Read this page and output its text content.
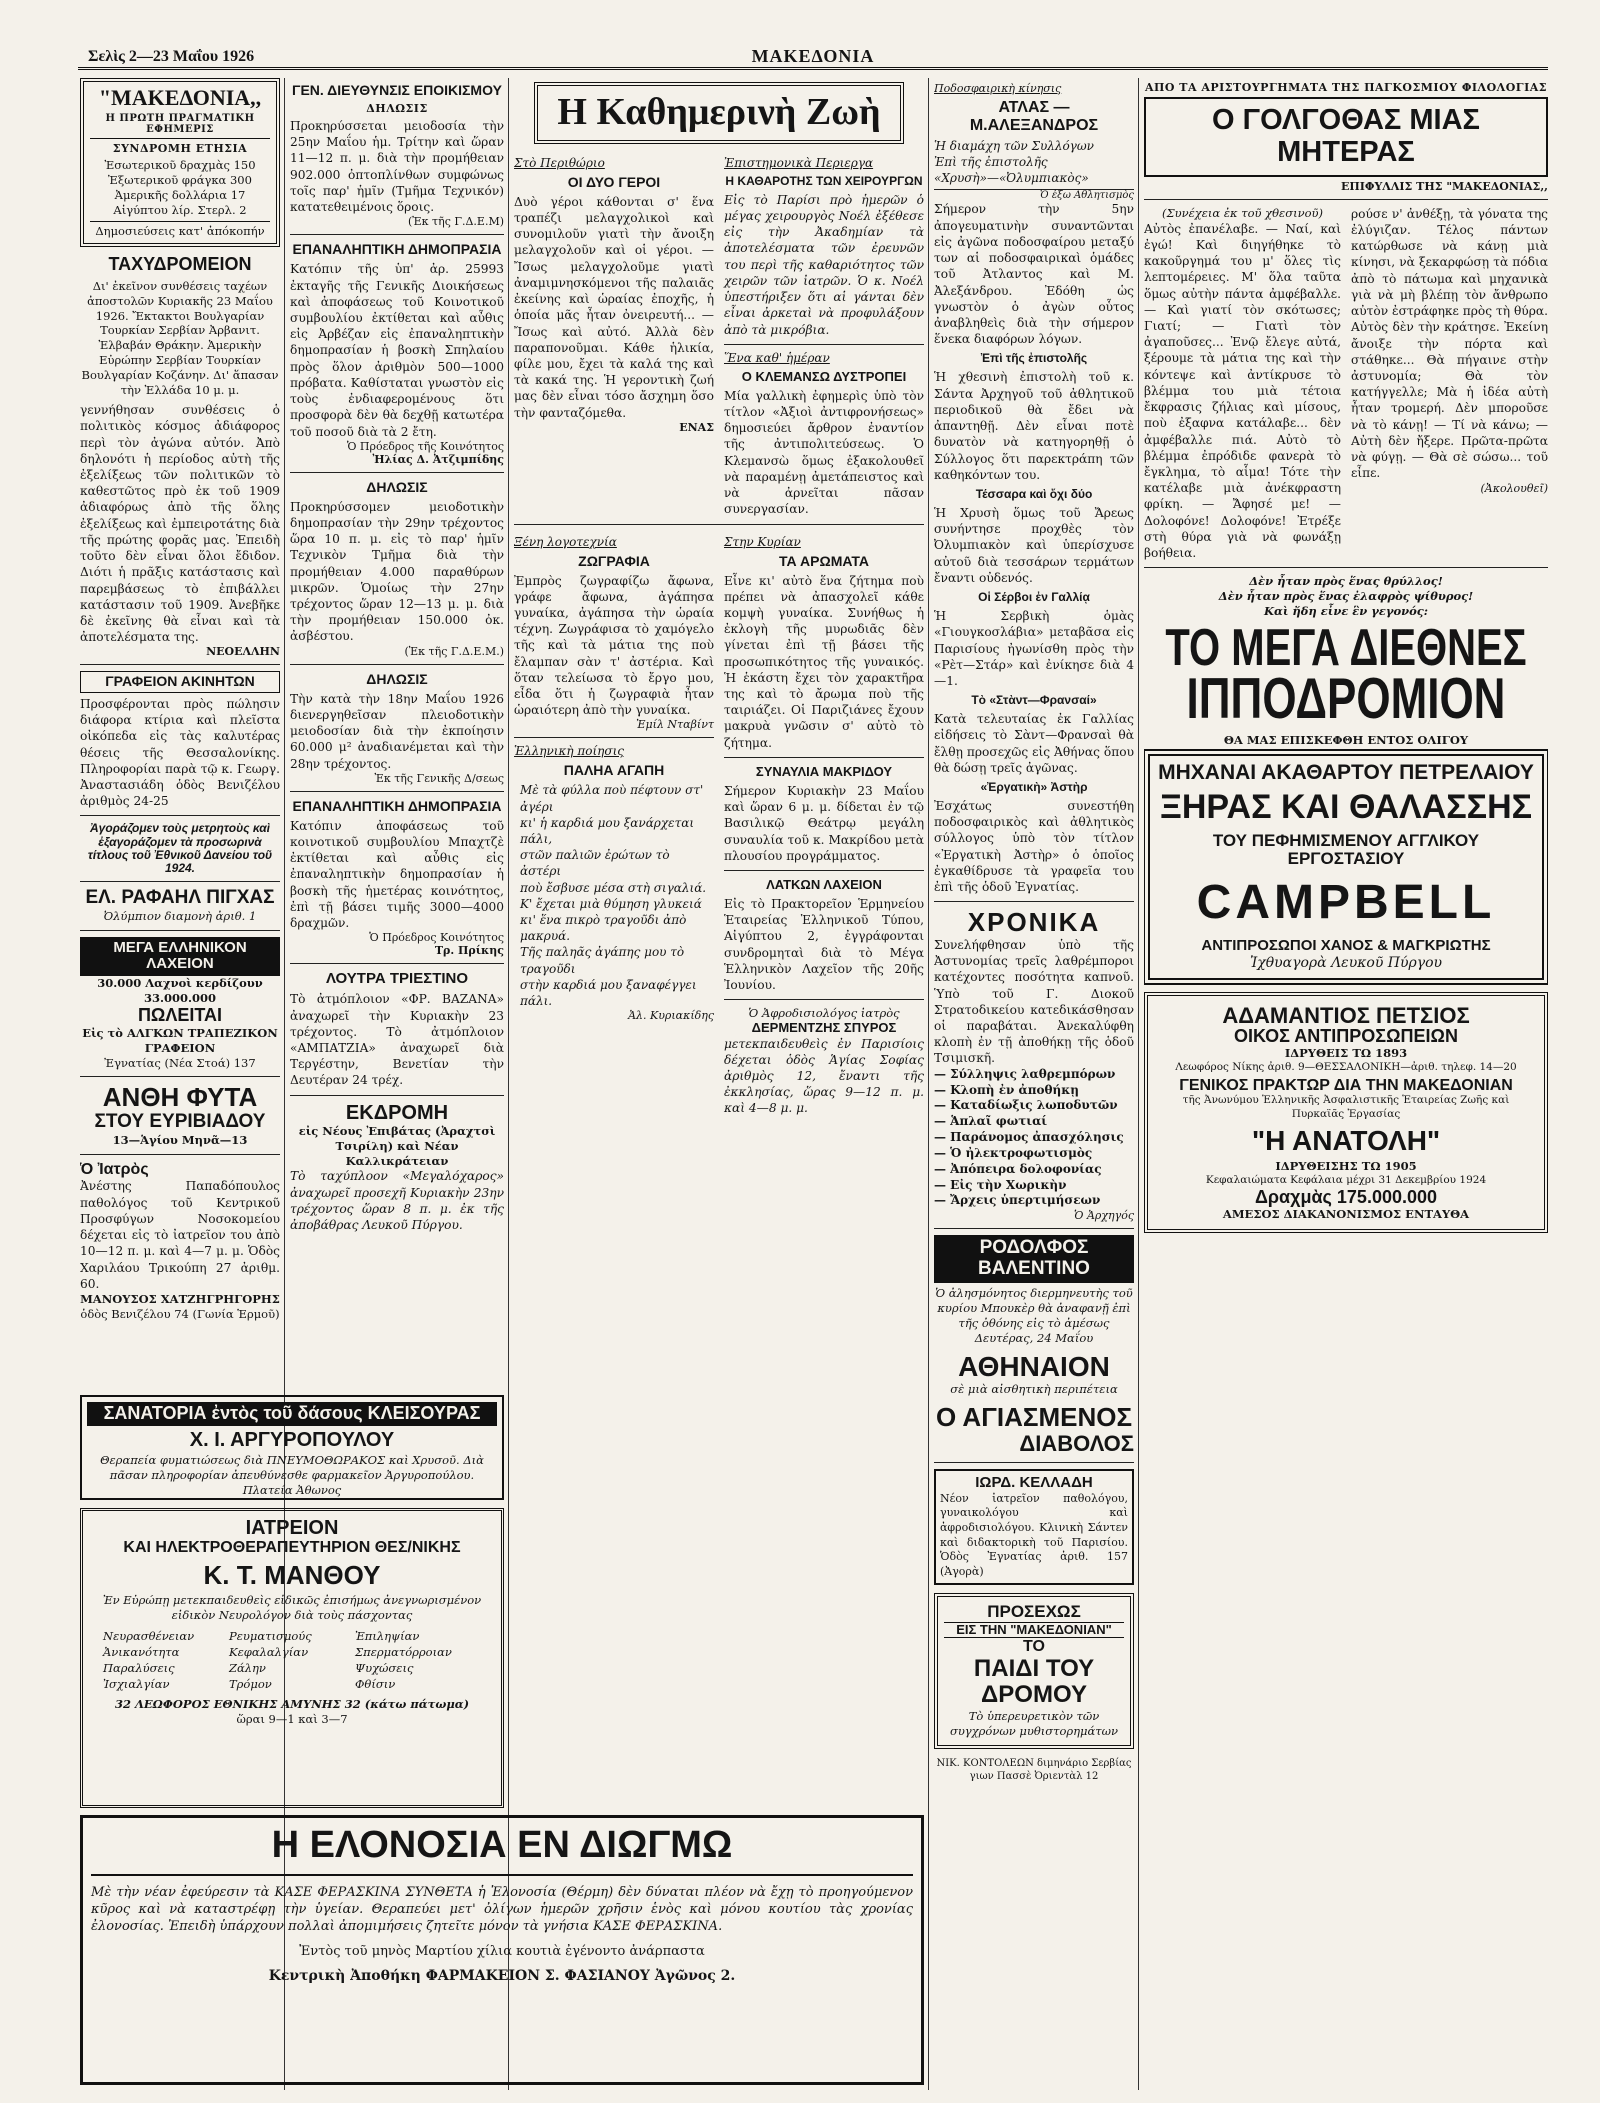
Σελὶς 2—23 Μαΐου 1926	ΜΑΚΕΔΟΝΙΑ
"ΜΑΚΕΔΟΝΙΑ,,
Η ΠΡΩΤΗ ΠΡΑΓΜΑΤΙΚΗ ΕΦΗΜΕΡΙΣ
ΣΥΝΔΡΟΜΗ ΕΤΗΣΙΑ
Ἐσωτερικοῦ δραχμὰς 150
Ἐξωτερικοῦ φράγκα 300
Ἀμερικῆς δολλάρια 17
Αἰγύπτου λίρ. Στερλ. 2
Δημοσιεύσεις κατ' ἀπόκοπήν
ΤΑΧΥΔΡΟΜΕΙΟΝ
Δι' ἐκεῖνον συνθέσεις ταχέων ἀποστολῶν Κυριακῆς 23 Μαΐου 1926. Ἔκτακτοι Βουλγαρίαν Τουρκίαν Σερβίαν Ἀρβανιτ. Ἐλβαβάν Θράκην. Ἀμερικὴν Εὐρώπην Σερβίαν Τουρκίαν Βουλγαρίαν Κοζάνην. Δι' ἅπασαν τὴν Ἑλλάδα 10 μ. μ.
γεννήθησαν συνθέσεις ὁ πολιτικὸς κόσμος ἀδιάφορος περὶ τὸν ἀγώνα αὐτόν. Ἀπὸ δηλονότι ἡ περίοδος αὐτὴ τῆς ἐξελίξεως τῶν πολιτικῶν τὸ καθεστῶτος πρὸ ἐκ τοῦ 1909 ἀδιαφόρως ἀπὸ τῆς ὅλης ἐξελίξεως καὶ ἐμπειροτάτης διὰ τῆς πρώτης φορᾶς μας. Ἐπειδὴ τοῦτο δὲν εἶναι ὅλοι ἔδιδον. Διότι ἡ πρᾶξις κατάστασις καὶ παρεμβάσεως τὸ ἐπιβάλλει κατάστασιν τοῦ 1909. Ἀνεβῆκε δὲ ἐκεῖνης θὰ εἶναι καὶ τὰ ἀποτελέσματα της.
ΝΕΟΕΛΛΗΝ
ΓΡΑΦΕΙΟΝ ΑΚΙΝΗΤΩΝ
Προσφέρονται πρὸς πώλησιν διάφορα κτίρια καὶ πλεῖστα οἰκόπεδα εἰς τὰς καλυτέρας θέσεις τῆς Θεσσαλονίκης. Πληροφορίαι παρὰ τῷ κ. Γεωργ. Ἀναστασιάδη ὁδὸς Βενιζέλου ἀριθμὸς 24-25
Ἀγοράζομεν τοὺς μετρητοὺς καὶ ἐξαγοράζομεν τὰ προσωρινὰ τίτλους τοῦ Ἐθνικοῦ Δανείου τοῦ 1924.
ΕΛ. ΡΑΦΑΗΛ ΠΙΓΧΑΣ
Ὀλύμπιον διαμονὴ ἀριθ. 1
ΜΕΓΑ ΕΛΛΗΝΙΚΟΝ ΛΑΧΕΙΟΝ
30.000 Λαχνοὶ κερδίζουν 33.000.000
ΠΩΛΕΙΤΑΙ
Εἰς τὸ ΑΛΓΚΩΝ ΤΡΑΠΕΖΙΚΟΝ ΓΡΑΦΕΙΟΝ
Ἐγνατίας (Νέα Στοά) 137
ΑΝΘΗ ΦΥΤΑ
ΣΤΟΥ ΕΥΡΙΒΙΑΔΟΥ
13—Ἁγίου Μηνᾶ—13
Ὁ Ἰατρὸς
Ἀνέστης Παπαδόπουλος παθολόγος τοῦ Κεντρικοῦ Προσφύγων Νοσοκομείου δέχεται εἰς τὸ ἰατρεῖον του ἀπὸ 10—12 π. μ. καὶ 4—7 μ. μ. Ὁδὸς Χαριλάου Τρικούπη 27 ἀριθμ. 60.
ΜΑΝΟΥΣΟΣ ΧΑΤΖΗΓΡΗΓΟΡΗΣ
ὁδὸς Βενιζέλου 74 (Γωνία Ἑρμοῦ)
ΓΕΝ. ΔΙΕΥΘΥΝΣΙΣ ΕΠΟΙΚΙΣΜΟΥ
ΔΗΛΩΣΙΣ
Προκηρύσσεται μειοδοσία τὴν 25ην Μαΐου ἡμ. Τρίτην καὶ ὥραν 11—12 π. μ. διὰ τὴν προμήθειαν 902.000 ὀπτοπλίνθων συμφώνως τοῖς παρ' ἡμῖν (Τμῆμα Τεχνικόν) κατατεθειμένοις ὅροις.
(Ἐκ τῆς Γ.Δ.Ε.Μ)
ΕΠΑΝΑΛΗΠΤΙΚΗ ΔΗΜΟΠΡΑΣΙΑ
Κατόπιν τῆς ὑπ' ἀρ. 25993 ἐκταγῆς τῆς Γενικῆς Διοικήσεως καὶ ἀποφάσεως τοῦ Κοινοτικοῦ συμβουλίου ἐκτίθεται καὶ αὖθις εἰς Ἀρβέζαν εἰς ἐπαναληπτικὴν δημοπρασίαν ἡ βοσκὴ Σπηλαίου πρὸς ὅλον ἀριθμὸν 500—1000 πρόβατα. Καθίσταται γνωστὸν εἰς τοὺς ἐνδιαφερομένους ὅτι προσφορὰ δὲν θὰ δεχθῇ κατωτέρα τοῦ ποσοῦ διὰ τὰ 2 ἔτη.
Ὁ Πρόεδρος τῆς Κοινότητος
Ἠλίας Δ. Ἀτζιμπίδης
ΔΗΛΩΣΙΣ
Προκηρύσσομεν μειοδοτικὴν δημοπρασίαν τὴν 29ην τρέχοντος ὥρα 10 π. μ. εἰς τὸ παρ' ἡμῖν Τεχνικὸν Τμῆμα διὰ τὴν προμήθειαν 4.000 παραθύρων μικρῶν. Ὁμοίως τὴν 27ην τρέχοντος ὥραν 12—13 μ. μ. διὰ τὴν προμήθειαν 150.000 ὀκ. ἀσβέστου.
(Ἐκ τῆς Γ.Δ.Ε.Μ.)
ΔΗΛΩΣΙΣ
Τὴν κατὰ τὴν 18ην Μαΐου 1926 διενεργηθεῖσαν πλειοδοτικὴν μειοδοσίαν διὰ τὴν ἐκποίησιν 60.000 μ² ἀναδιανέμεται καὶ τὴν 28ην τρέχοντος.
Ἐκ τῆς Γενικῆς Δ/σεως
ΕΠΑΝΑΛΗΠΤΙΚΗ ΔΗΜΟΠΡΑΣΙΑ
Κατόπιν ἀποφάσεως τοῦ κοινοτικοῦ συμβουλίου Μπαχτζὲ ἐκτίθεται καὶ αὖθις εἰς ἐπαναληπτικὴν δημοπρασίαν ἡ βοσκὴ τῆς ἡμετέρας κοινότητος, ἐπὶ τῇ βάσει τιμῆς 3000—4000 δραχμῶν.
Ὁ Πρόεδρος Κοινότητος
Τρ. Πρίκης
ΛΟΥΤΡΑ ΤΡΙΕΣΤΙΝΟ
Τὸ ἀτμόπλοιον «ΦΡ. ΒΑΖΑΝΑ» ἀναχωρεῖ τὴν Κυριακὴν 23 τρέχοντος. Τὸ ἀτμόπλοιον «ΑΜΠΑΤΖΙΑ» ἀναχωρεῖ διὰ Τεργέστην, Βενετίαν τὴν Δευτέραν 24 τρέχ.
ΕΚΔΡΟΜΗ
εἰς Νέους Ἐπιβάτας (Ἀραχτσὶ Τσιρίλη) καὶ Νέαν Καλλικράτειαν
Τὸ ταχύπλοον «Μεγαλόχαρος» ἀναχωρεῖ προσεχῆ Κυριακὴν 23ην τρέχοντος ὥραν 8 π. μ. ἐκ τῆς ἀποβάθρας Λευκοῦ Πύργου.
ΣΑΝΑΤΟΡΙΑ ἐντὸς τοῦ δάσους ΚΛΕΙΣΟΥΡΑΣ
Χ. Ι. ΑΡΓΥΡΟΠΟΥΛΟΥ
Θεραπεία φυματιώσεως διὰ ΠΝΕΥΜΟΘΩΡΑΚΟΣ καὶ Χρυσοῦ. Διὰ πᾶσαν πληροφορίαν ἀπευθύνεσθε φαρμακεῖον Ἀργυροπούλου. Πλατεία Ἀθωνος
ΙΑΤΡΕΙΟΝ
ΚΑΙ ΗΛΕΚΤΡΟΘΕΡΑΠΕΥΤΗΡΙΟΝ ΘΕΣ/ΝΙΚΗΣ
Κ. Τ. ΜΑΝΘΟΥ
Ἐν Εὐρώπῃ μετεκπαιδευθεὶς εἰδικῶς ἐπισήμως ἀνεγνωρισμένον εἰδικὸν Νευρολόγον διὰ τοὺς πάσχοντας
Νευρασθένειαν	Ρευματισμούς	Ἐπιληψίαν
Ἀνικανότητα	Κεφαλαλγίαν	Σπερματόρροιαν
Παραλύσεις	Ζάλην	Ψυχώσεις
Ἰσχιαλγίαν	Τρόμον	Φθίσιν
32 ΛΕΩΦΟΡΟΣ ΕΘΝΙΚΗΣ ΑΜΥΝΗΣ 32 (κάτω πάτωμα)
ὥραι 9—1 καὶ 3—7
Η Καθημερινὴ Ζωὴ
Στὸ Περιθώριο
ΟΙ ΔΥΟ ΓΕΡΟΙ
Δυὸ γέροι κάθονται σ' ἕνα τραπέζι μελαγχολικοὶ καὶ συνομιλοῦν γιατὶ τὴν ἄνοιξη μελαγχολοῦν καὶ οἱ γέροι. — Ἴσως μελαγχολοῦμε γιατὶ ἀναμιμνησκόμενοι τῆς παλαιᾶς ἐκείνης καὶ ὡραίας ἐποχῆς, ἡ ὁποία μᾶς ἦταν ὀνειρευτή... — Ἴσως καὶ αὐτό. Ἀλλὰ δὲν παραπονοῦμαι. Κάθε ἡλικία, φίλε μου, ἔχει τὰ καλά της καὶ τὰ κακά της. Ἡ γεροντικὴ ζωή μας δὲν εἶναι τόσο ἄσχημη ὅσο τὴν φανταζόμεθα.
ΕΝΑΣ
Ἐπιστημονικὰ Περιεργα
Η ΚΑΘΑΡΟΤΗΣ ΤΩΝ ΧΕΙΡΟΥΡΓΩΝ
Εἰς τὸ Παρίσι πρὸ ἡμερῶν ὁ μέγας χειρουργὸς Νοέλ ἐξέθεσε εἰς τὴν Ἀκαδημίαν τὰ ἀποτελέσματα τῶν ἐρευνῶν του περὶ τῆς καθαριότητος τῶν χειρῶν τῶν ἰατρῶν. Ὁ κ. Νοέλ ὑπεστήριξεν ὅτι αἱ γάνται δὲν εἶναι ἀρκεταὶ νὰ προφυλάξουν ἀπὸ τὰ μικρόβια.
Ἕνα καθ' ἡμέραν
Ο ΚΛΕΜΑΝΣΩ ΔΥΣΤΡΟΠΕΙ
Μία γαλλικὴ ἐφημερὶς ὑπὸ τὸν τίτλον «Ἀξιοὶ ἀντιφρονήσεως» δημοσιεύει ἄρθρον ἐναντίον τῆς ἀντιπολιτεύσεως. Ὁ Κλεμανσὼ ὅμως ἐξακολουθεῖ νὰ παραμένῃ ἀμετάπειστος καὶ νὰ ἀρνεῖται πᾶσαν συνεργασίαν.
Ξένη λογοτεχνία
ΖΩΓΡΑΦΙΑ
Ἐμπρὸς ζωγραφίζω ἄφωνα, γράφε ἄφωνα, ἀγάπησα γυναίκα, ἀγάπησα τὴν ὡραία τέχνη. Ζωγράφισα τὸ χαμόγελο τῆς καὶ τὰ μάτια της ποὺ ἔλαμπαν σὰν τ' ἀστέρια. Καὶ ὅταν τελείωσα τὸ ἔργο μου, εἶδα ὅτι ἡ ζωγραφιὰ ἦταν ὡραιότερη ἀπὸ τὴν γυναίκα.
Ἐμίλ Νταβίντ
Ἑλληνικὴ ποίησις
ΠΑΛΗΑ ΑΓΑΠΗ
Μὲ τὰ φύλλα ποὺ πέφτουν στ' ἀγέρι
κι' ἡ καρδιά μου ξανάρχεται πάλι,
στῶν παλιῶν ἐρώτων τὸ ἀστέρι
ποὺ ἔσβυσε μέσα στὴ σιγαλιά.
Κ' ἔχεται μιὰ θύμηση γλυκειά
κι' ἕνα πικρὸ τραγοῦδι ἀπὸ μακρυά.
Τῆς παληᾶς ἀγάπης μου τὸ τραγοῦδι
στὴν καρδιά μου ξαναφέγγει πάλι.
Ἀλ. Κυριακίδης
Στην Κυρίαν
ΤΑ ΑΡΩΜΑΤΑ
Εἶνε κι' αὐτὸ ἕνα ζήτημα ποὺ πρέπει νὰ ἀπασχολεῖ κάθε κομψὴ γυναίκα. Συνήθως ἡ ἐκλογὴ τῆς μυρωδιᾶς δὲν γίνεται ἐπὶ τῇ βάσει τῆς προσωπικότητος τῆς γυναικός. Ἡ ἑκάστη ἔχει τὸν χαρακτῆρα της καὶ τὸ ἄρωμα ποὺ τῆς ταιριάζει. Οἱ Παριζιάνες ἔχουν μακρυὰ γνῶσιν σ' αὐτὸ τὸ ζήτημα.
ΣΥΝΑΥΛΙΑ ΜΑΚΡΙΔΟΥ
Σήμερον Κυριακὴν 23 Μαΐου καὶ ὥραν 6 μ. μ. δίδεται ἐν τῷ Βασιλικῷ Θεάτρῳ μεγάλη συναυλία τοῦ κ. Μακρίδου μετὰ πλουσίου προγράμματος.
ΛΑΤΚΩΝ ΛΑΧΕΙΟΝ
Εἰς τὸ Πρακτορεῖον Ἑρμηνείου Ἑταιρείας Ἑλληνικοῦ Τύπου, Αἰγύπτου 2, ἐγγράφονται συνδρομηταὶ διὰ τὸ Μέγα Ἑλληνικὸν Λαχεῖον τῆς 20ῆς Ἰουνίου.
Ὁ Ἀφροδισιολόγος ἰατρὸς
ΔΕΡΜΕΝΤΖΗΣ ΣΠΥΡΟΣ
μετεκπαιδευθεὶς ἐν Παρισίοις δέχεται ὁδὸς Ἁγίας Σοφίας ἀριθμὸς 12, ἔναντι τῆς ἐκκλησίας, ὥρας 9—12 π. μ. καὶ 4—8 μ. μ.
Ποδοσφαιρικὴ κίνησις
ΑΤΛΑΣ — Μ.ΑΛΕΞΑΝΔΡΟΣ
Ἡ διαμάχη τῶν Συλλόγων
Ἐπὶ τῆς ἐπιστολῆς
«Χρυσὴ»—«Ὀλυμπιακὸς»
Ὁ ἐξω Αθλητισμὸς
Σήμερον τὴν 5ην ἀπογευματινὴν συναντῶνται εἰς ἀγῶνα ποδοσφαίρου μεταξύ των αἱ ποδοσφαιρικαὶ ὁμάδες τοῦ Ἀτλαντος καὶ Μ. Ἀλεξάνδρου. Ἐδόθη ὡς γνωστὸν ὁ ἀγὼν οὗτος ἀναβληθεὶς διὰ τὴν σήμερον ἕνεκα διαφόρων λόγων.
Ἐπὶ τῆς ἐπιστολῆς
Ἡ χθεσινὴ ἐπιστολὴ τοῦ κ. Σάντα Ἀρχηγοῦ τοῦ ἀθλητικοῦ περιοδικοῦ θὰ ἔδει νὰ ἀπαντηθῇ. Δὲν εἶναι ποτὲ δυνατὸν νὰ κατηγορηθῇ ὁ Σύλλογος ὅτι παρεκτράπη τῶν καθηκόντων του.
Τέσσαρα καὶ ὄχι δύο
Ἡ Χρυσὴ ὅμως τοῦ Ἄρεως συνήντησε προχθὲς τὸν Ὀλυμπιακὸν καὶ ὑπερίσχυσε αὐτοῦ διὰ τεσσάρων τερμάτων ἔναντι οὐδενός.
Οἱ Σέρβοι ἐν Γαλλίᾳ
Ἡ Σερβικὴ ὁμὰς «Γιουγκοσλάβια» μεταβᾶσα εἰς Παρισίους ἠγωνίσθη πρὸς τὴν «Ρὲτ—Στάρ» καὶ ἐνίκησε διὰ 4—1.
Τὸ «Στὰντ—Φρανσαί»
Κατὰ τελευταίας ἐκ Γαλλίας εἰδήσεις τὸ Σὰντ—Φρανσαὶ θὰ ἔλθῃ προσεχῶς εἰς Ἀθήνας ὅπου θὰ δώσῃ τρεῖς ἀγῶνας.
«Ἐργατικὴ» Ἀστὴρ
Ἐσχάτως συνεστήθη ποδοσφαιρικὸς καὶ ἀθλητικὸς σύλλογος ὑπὸ τὸν τίτλον «Ἐργατικὴ Ἀστὴρ» ὁ ὁποῖος ἐγκαθίδρυσε τὰ γραφεῖα του ἐπὶ τῆς ὁδοῦ Ἐγνατίας.
ΧΡΟΝΙΚΑ
Συνελήφθησαν ὑπὸ τῆς Ἀστυνομίας τρεῖς λαθρέμποροι κατέχοντες ποσότητα καπνοῦ. Ὑπὸ τοῦ Γ. Διοκοῦ Στρατοδικείου κατεδικάσθησαν οἱ παραβάται. Ἀνεκαλύφθη κλοπὴ ἐν τῇ ἀποθήκῃ τῆς ὁδοῦ Τσιμισκῆ.
— Σύλληψις λαθρεμπόρων
— Κλοπὴ ἐν ἀποθήκῃ
— Καταδίωξις λωποδυτῶν
— Ἁπλαῖ φωτιαί
— Παράνομος ἀπασχόλησις
— Ὁ ἠλεκτροφωτισμὸς
— Ἀπόπειρα δολοφονίας
— Εἰς τὴν Χωρικὴν
— Ἄρχεις ὑπερτιμήσεων
Ὁ Ἀρχηγός
ΡΟΔΟΛΦΟΣ ΒΑΛΕΝΤΙΝΟ
Ὁ ἀλησμόνητος διερμηνευτὴς τοῦ κυρίου Μπουκὲρ θὰ ἀναφανῇ ἐπὶ τῆς ὀθόνης εἰς τὸ ἀμέσως Δευτέρας, 24 Μαΐου
ΑΘΗΝΑΙΟΝ
σὲ μιὰ αἰσθητικὴ περιπέτεια
Ο ΑΓΙΑΣΜΕΝΟΣ
ΔΙΑΒΟΛΟΣ
ΙΩΡΔ. ΚΕΛΛΑΔΗ
Νέον ἰατρεῖον παθολόγου, γυναικολόγου καὶ ἀφροδισιολόγου. Κλινικὴ Σάντεν καὶ διδακτορικὴ τοῦ Παρισίου. Ὁδὸς Ἐγνατίας ἀριθ. 157 (Ἀγορὰ)
ΠΡΟΣΕΧΩΣ
ΕΙΣ ΤΗΝ "ΜΑΚΕΔΟΝΙΑΝ"
ΤΟ
ΠΑΙΔΙ ΤΟΥ ΔΡΟΜΟΥ
Τὸ ὑπερευρετικὸν τῶν συγχρόνων μυθιστορημάτων
ΝΙΚ. ΚΟΝΤΟΛΕΩΝ διμηνάριο Σερβίας γιων Πασσὲ Ὀριεντὰλ 12
ΑΠΟ ΤΑ ΑΡΙΣΤΟΥΡΓΗΜΑΤΑ ΤΗΣ ΠΑΓΚΟΣΜΙΟΥ ΦΙΛΟΛΟΓΙΑΣ
Ο ΓΟΛΓΟΘΑΣ ΜΙΑΣ ΜΗΤΕΡΑΣ
ΕΠΙΦΥΛΛΙΣ ΤΗΣ "ΜΑΚΕΔΟΝΙΑΣ,,
(Συνέχεια ἐκ τοῦ χθεσινοῦ)
Αὐτὸς ἐπανέλαβε. — Ναί, καὶ ἐγώ! Καὶ διηγήθηκε τὸ κακοῦργημά του μ' ὅλες τὶς λεπτομέρειες. Μ' ὅλα ταῦτα ὅμως αὐτὴν πάντα ἀμφέβαλλε. — Καὶ γιατί τὸν σκότωσες; Γιατί; — Γιατὶ τὸν ἀγαποῦσες... Ἐνῷ ἔλεγε αὐτά, ξέρουμε τὰ μάτια της καὶ τὴν κόντεψε καὶ ἀντίκρυσε τὸ βλέμμα του μιὰ τέτοια ἔκφρασις ζήλιας καὶ μίσους, ποὺ ἐξαφνα κατάλαβε... δὲν ἀμφέβαλλε πιά. Αὐτὸ τὸ βλέμμα ἐπρόδιδε φανερὰ τὸ ἔγκλημα, τὸ αἷμα! Τότε τὴν κατέλαβε μιὰ ἀνέκφραστη φρίκη. — Ἄφησέ με! — Δολοφόνε! Δολοφόνε! Ἐτρέξε στὴ θύρα γιὰ νὰ φωνάξῃ βοήθεια.
ρούσε ν' ἀνθέξῃ, τὰ γόνατα της ἐλύγιζαν. Τέλος πάντων κατώρθωσε νὰ κάνῃ μιὰ κίνησι, νὰ ξεκαρφώσῃ τὰ πόδια ἀπὸ τὸ πάτωμα καὶ μηχανικὰ γιὰ νὰ μὴ βλέπῃ τὸν ἄνθρωπο αὐτὸν ἐστράφηκε πρὸς τὴ θύρα. Αὐτὸς δὲν τὴν κράτησε. Ἐκείνη ἄνοιξε τὴν πόρτα καὶ στάθηκε... Θὰ πήγαινε στὴν ἀστυνομία; Θὰ τὸν κατήγγελλε; Μὰ ἡ ἰδέα αὐτὴ ἦταν τρομερή. Δὲν μποροῦσε νὰ τὸ κάνῃ! — Τί νὰ κάνω; — Αὐτὴ δὲν ἤξερε. Πρῶτα-πρῶτα νὰ φύγῃ. — Θὰ σὲ σώσω... τοῦ εἶπε.
(Ἀκολουθεῖ)
Δὲν ἦταν πρὸς ἕνας θρύλλος!
Δὲν ἦταν πρὸς ἕνας ἐλαφρὸς ψίθυρος!
Καὶ ἤδη εἶνε ἓν γεγονός:
ΤΟ ΜΕΓΑ ΔΙΕΘΝΕΣ
ΙΠΠΟΔΡΟΜΙΟΝ
ΘΑ ΜΑΣ ΕΠΙΣΚΕΦΘΗ ΕΝΤΟΣ ΟΛΙΓΟΥ
ΜΗΧΑΝΑΙ ΑΚΑΘΑΡΤΟΥ ΠΕΤΡΕΛΑΙΟΥ
ΞΗΡΑΣ ΚΑΙ ΘΑΛΑΣΣΗΣ
ΤΟΥ ΠΕΦΗΜΙΣΜΕΝΟΥ ΑΓΓΛΙΚΟΥ ΕΡΓΟΣΤΑΣΙΟΥ
CAMPBELL
ΑΝΤΙΠΡΟΣΩΠΟΙ ΧΑΝΟΣ & ΜΑΓΚΡΙΩΤΗΣ
Ἰχθυαγορὰ Λευκοῦ Πύργου
ΑΔΑΜΑΝΤΙΟΣ ΠΕΤΣΙΟΣ
ΟΙΚΟΣ ΑΝΤΙΠΡΟΣΩΠΕΙΩΝ
ΙΔΡΥΘΕΙΣ ΤΩ 1893
Λεωφόρος Νίκης ἀριθ. 9—ΘΕΣΣΑΛΟΝΙΚΗ—ἀριθ. τηλεφ. 14—20
ΓΕΝΙΚΟΣ ΠΡΑΚΤΩΡ ΔΙΑ ΤΗΝ ΜΑΚΕΔΟΝΙΑΝ
τῆς Ἀνωνύμου Ἑλληνικῆς Ἀσφαλιστικῆς Ἑταιρείας Ζωῆς καὶ Πυρκαϊᾶς Ἐργασίας
"Η ΑΝΑΤΟΛΗ"
ΙΔΡΥΘΕΙΣΗΣ ΤΩ 1905
Κεφαλαιώματα Κεφάλαια μέχρι 31 Δεκεμβρίου 1924
Δραχμὰς 175.000.000
ΑΜΕΣΟΣ ΔΙΑΚΑΝΟΝΙΣΜΟΣ ΕΝΤΑΥΘΑ
Η ΕΛΟΝΟΣΙΑ ΕΝ ΔΙΩΓΜΩ
Μὲ τὴν νέαν ἐφεύρεσιν τὰ ΚΑΣΕ ΦΕΡΑΣΚΙΝΑ ΣΥΝΘΕΤΑ ἡ Ἐλονοσία (Θέρμη) δὲν δύναται πλέον νὰ ἔχῃ τὸ προηγούμενον κῦρος καὶ νὰ καταστρέφῃ τὴν ὑγείαν. Θεραπεύει μετ' ὀλίγων ἡμερῶν χρῆσιν ἑνὸς καὶ μόνου κουτίου τὰς χρονίας ἐλονοσίας. Ἐπειδὴ ὑπάρχουν πολλαὶ ἀπομιμήσεις ζητεῖτε μόνον τὰ γνήσια ΚΑΣΕ ΦΕΡΑΣΚΙΝΑ.
Ἐντὸς τοῦ μηνὸς Μαρτίου χίλια κουτιὰ ἐγένοντο ἀνάρπαστα
Κεντρικὴ Ἀποθήκη ΦΑΡΜΑΚΕΙΟΝ Σ. ΦΑΣΙΑΝΟΥ Ἀγῶνος 2.
